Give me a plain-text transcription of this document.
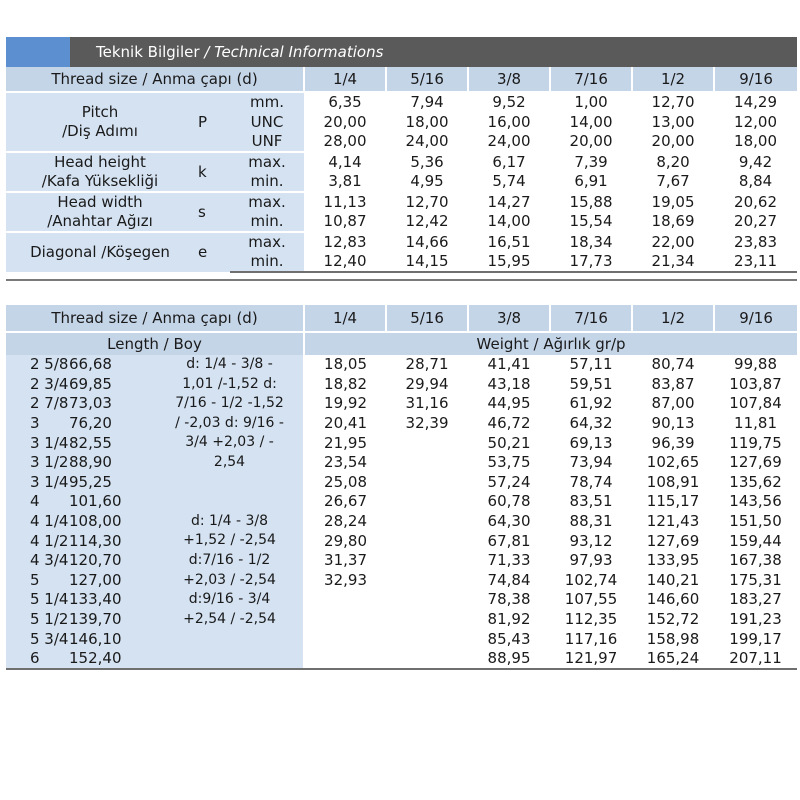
Teknik Bilgiler / Technical Informations
Thread size / Anma çapı (d)			1/4	5/16	3/8	7/16	1/2	9/16

Pitch
/Diş Adımı	P	mm.	6,35	7,94	9,52	1,00	12,70	14,29
		UNC	20,00	18,00	16,00	14,00	13,00	12,00
		UNF	28,00	24,00	24,00	20,00	20,00	18,00

Head height
/Kafa Yüksekliği	k	max.	4,14	5,36	6,17	7,39	8,20	9,42
		min.	3,81	4,95	5,74	6,91	7,67	8,84

Head width
/Anahtar Ağızı	s	max.	11,13	12,70	14,27	15,88	19,05	20,62
		min.	10,87	12,42	14,00	15,54	18,69	20,27

Diagonal /Köşegen	e	max.	12,83	14,66	16,51	18,34	22,00	23,83
		min.	12,40	14,15	15,95	17,73	21,34	23,11
Thread size / Anma çapı (d)			1/4	5/16	3/8	7/16	1/2	9/16
Length / Boy			Weight / Ağırlık gr/p					
2 5/8	66,68	d: 1/4 - 3/8 -	18,05	28,71	41,41	57,11	80,74	99,88
2 3/4	69,85	1,01 /-1,52 d:	18,82	29,94	43,18	59,51	83,87	103,87
2 7/8	73,03	7/16 - 1/2 -1,52	19,92	31,16	44,95	61,92	87,00	107,84
3	76,20	/ -2,03 d: 9/16 -	20,41	32,39	46,72	64,32	90,13	11,81
3 1/4	82,55	3/4 +2,03 / -	21,95		50,21	69,13	96,39	119,75
3 1/2	88,90	2,54	23,54		53,75	73,94	102,65	127,69
3 1/4	95,25		25,08		57,24	78,74	108,91	135,62
4	101,60		26,67		60,78	83,51	115,17	143,56
4 1/4	108,00	d: 1/4 - 3/8	28,24		64,30	88,31	121,43	151,50
4 1/2	114,30	+1,52 / -2,54	29,80		67,81	93,12	127,69	159,44
4 3/4	120,70	d:7/16 - 1/2	31,37		71,33	97,93	133,95	167,38
5	127,00	+2,03 / -2,54	32,93		74,84	102,74	140,21	175,31
5 1/4	133,40	d:9/16 - 3/4			78,38	107,55	146,60	183,27
5 1/2	139,70	+2,54 / -2,54			81,92	112,35	152,72	191,23
5 3/4	146,10				85,43	117,16	158,98	199,17
6	152,40				88,95	121,97	165,24	207,11
